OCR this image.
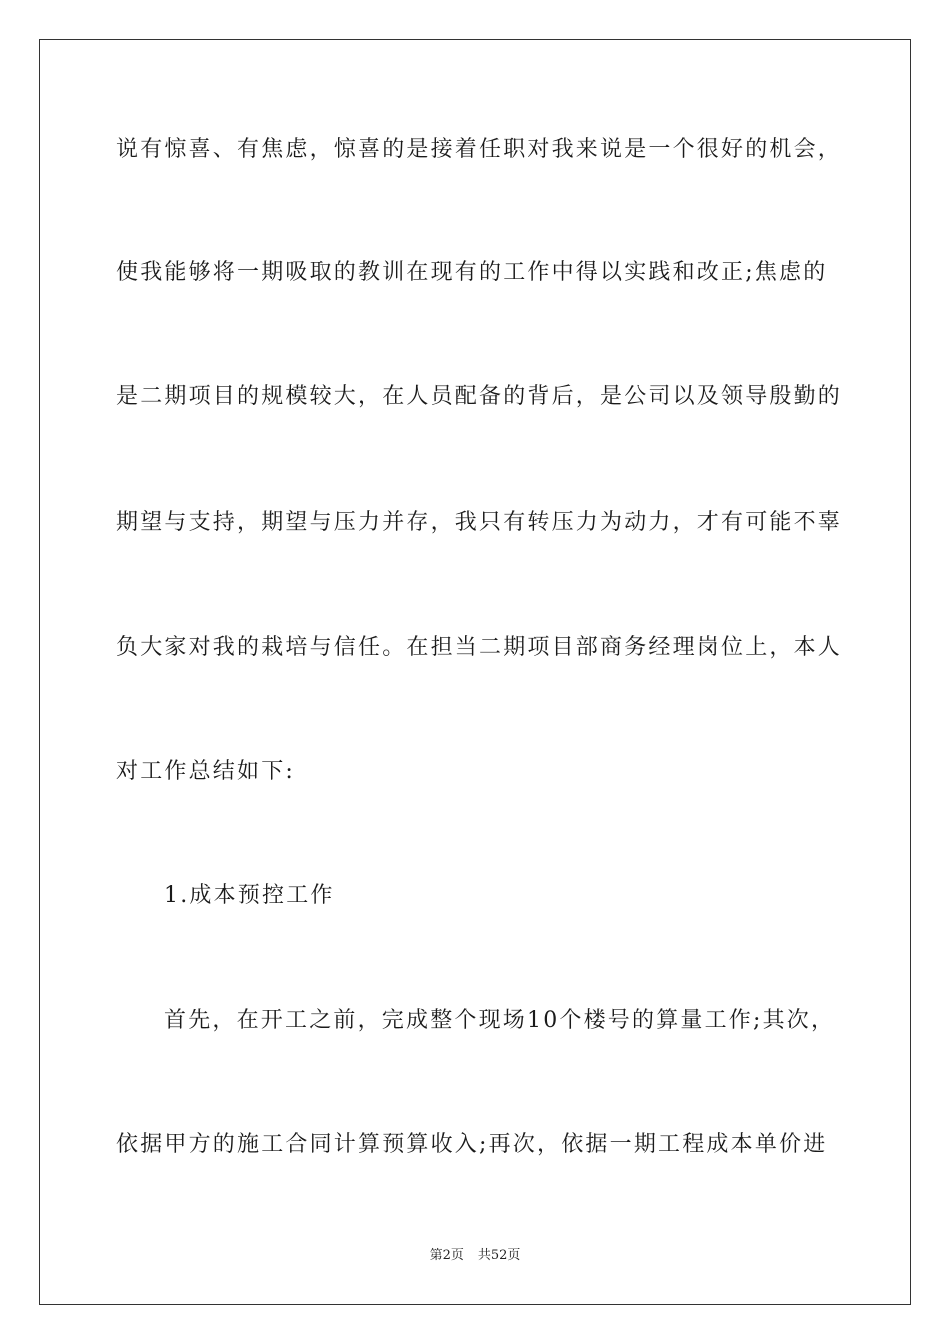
说有惊喜、有焦虑，惊喜的是接着任职对我来说是一个很好的机会，
使我能够将一期吸取的教训在现有的工作中得以实践和改正;焦虑的
是二期项目的规模较大，在人员配备的背后，是公司以及领导殷勤的
期望与支持，期望与压力并存，我只有转压力为动力，才有可能不辜
负大家对我的栽培与信任。在担当二期项目部商务经理岗位上，本人
对工作总结如下:
1.成本预控工作
首先，在开工之前，完成整个现场10个楼号的算量工作;其次，
依据甲方的施工合同计算预算收入;再次，依据一期工程成本单价进
第2页 共52页
